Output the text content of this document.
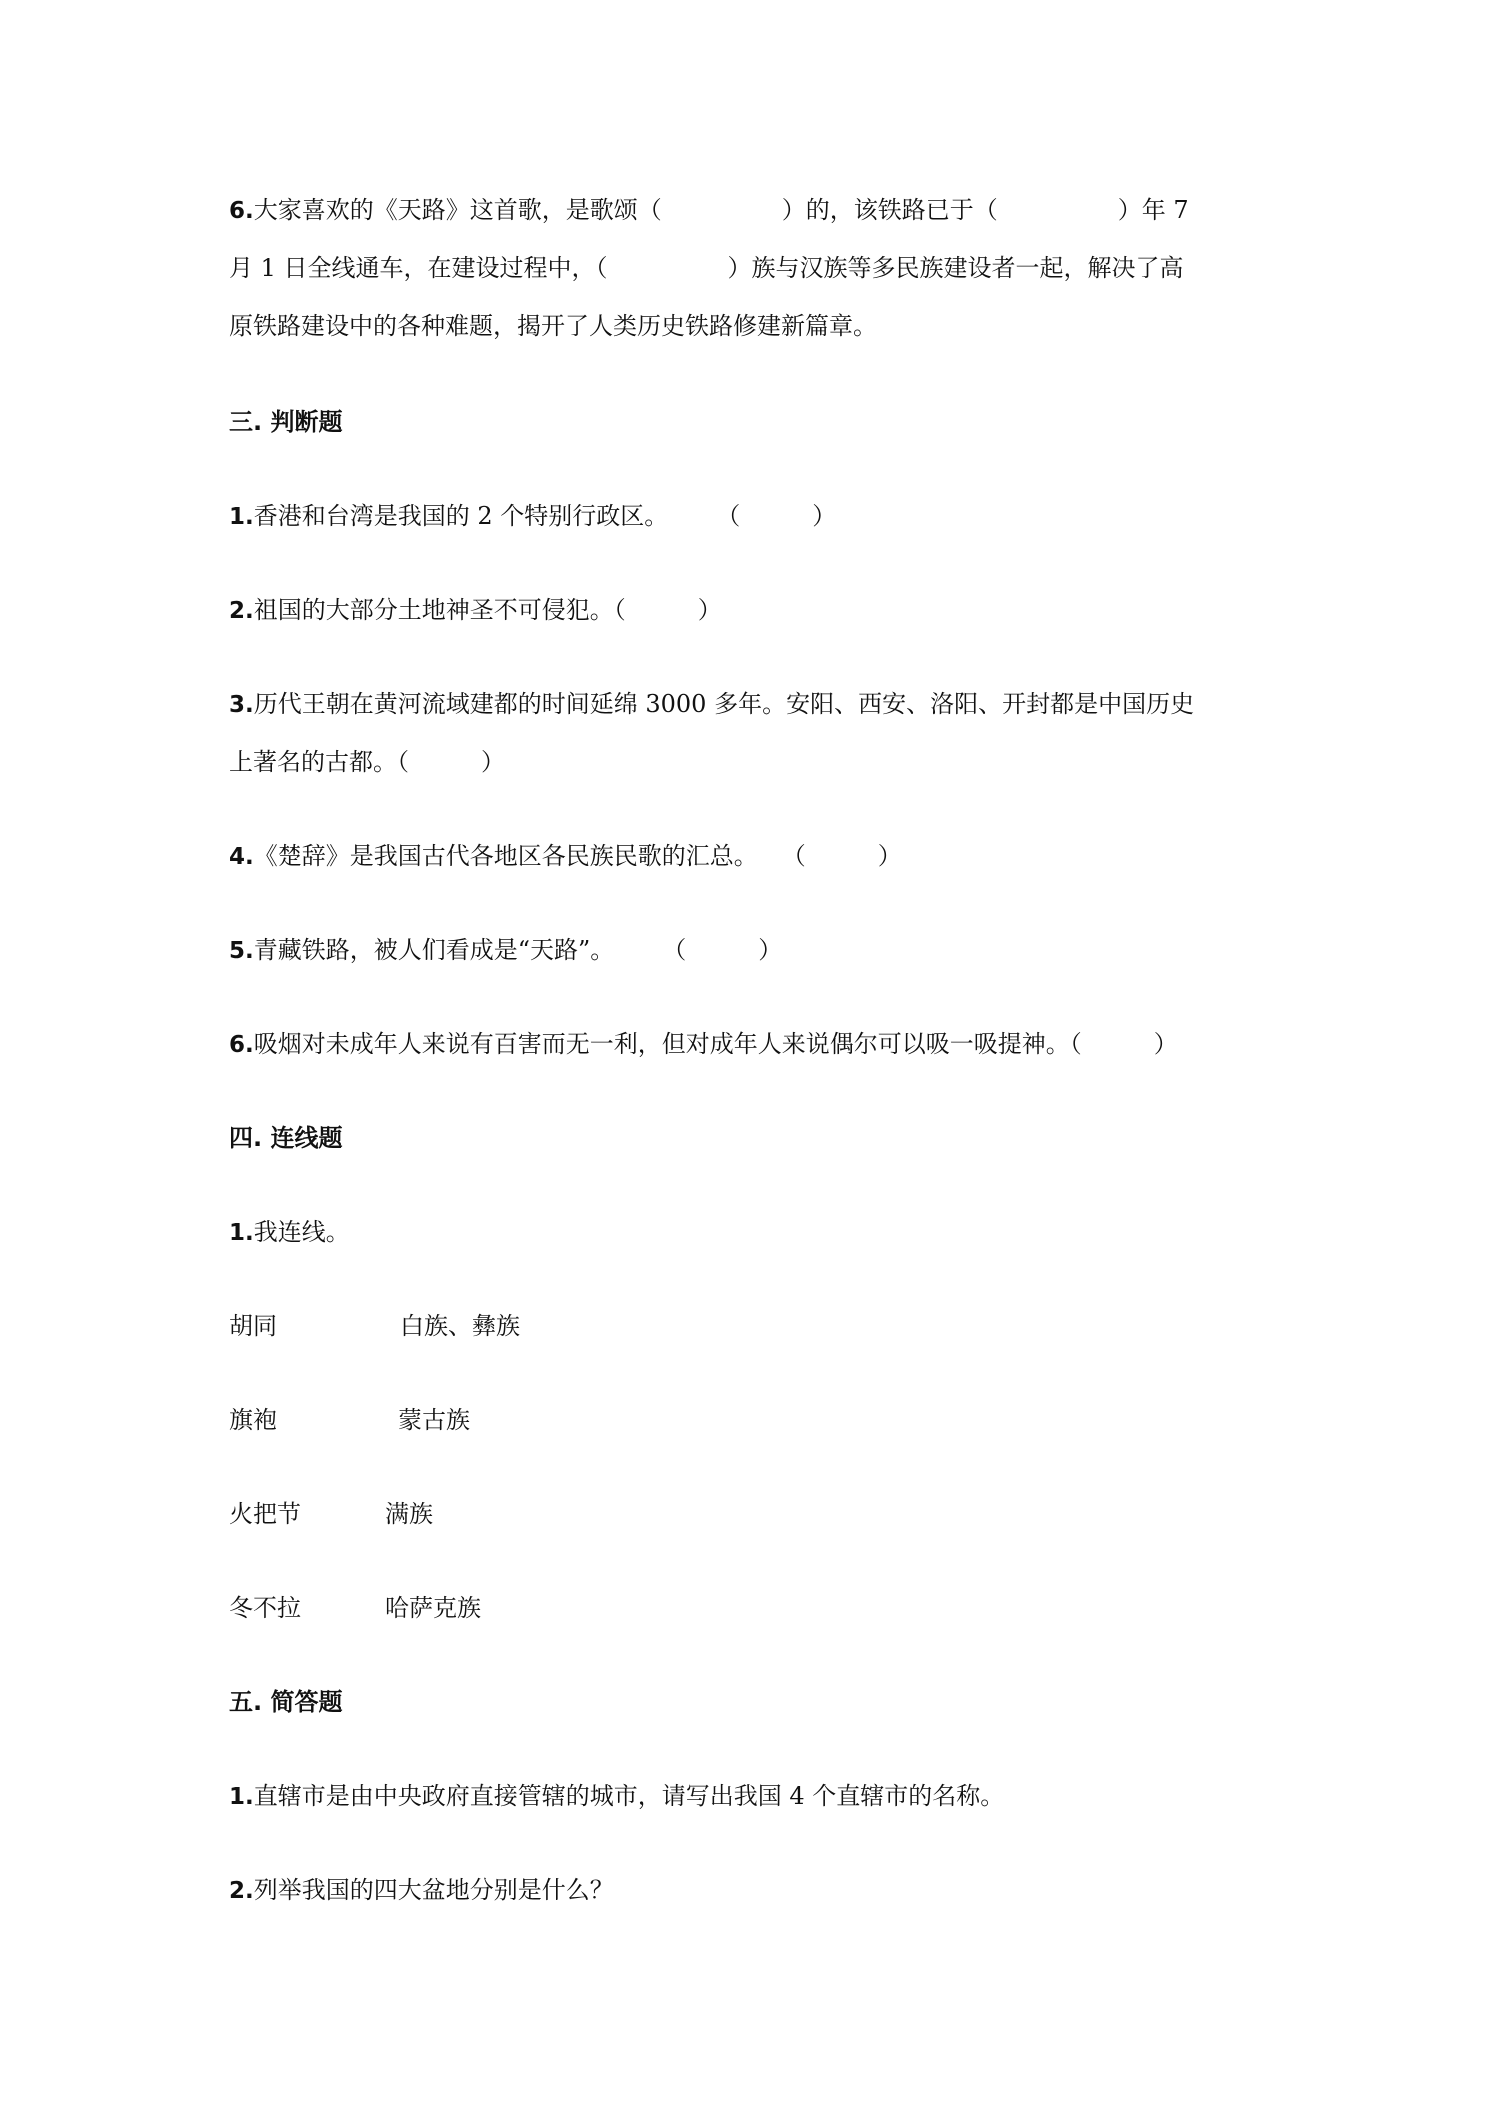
6.大家喜欢的《天路》这首歌，是歌颂（　　　　　）的，该铁路已于（　　　　　）年 7

月 1 日全线通车，在建设过程中，（　　　　　）族与汉族等多民族建设者一起，解决了高

原铁路建设中的各种难题，揭开了人类历史铁路修建新篇章。

三. 判断题

1.香港和台湾是我国的 2 个特别行政区。　　　（　　　）

2.祖国的大部分土地神圣不可侵犯。（　　　）

3.历代王朝在黄河流域建都的时间延绵 3000 多年。安阳、西安、洛阳、开封都是中国历史

上著名的古都。（　　　）

4.《楚辞》是我国古代各地区各民族民歌的汇总。　　（　　　）

5.青藏铁路，被人们看成是“天路”。　　　（　　　）

6.吸烟对未成年人来说有百害而无一利，但对成年人来说偶尔可以吸一吸提神。（　　　）

四. 连线题

1.我连线。

胡同	白族、彝族
旗袍	蒙古族
火把节	满族
冬不拉	哈萨克族

五. 简答题

1.直辖市是由中央政府直接管辖的城市，请写出我国 4 个直辖市的名称。

2.列举我国的四大盆地分别是什么？
